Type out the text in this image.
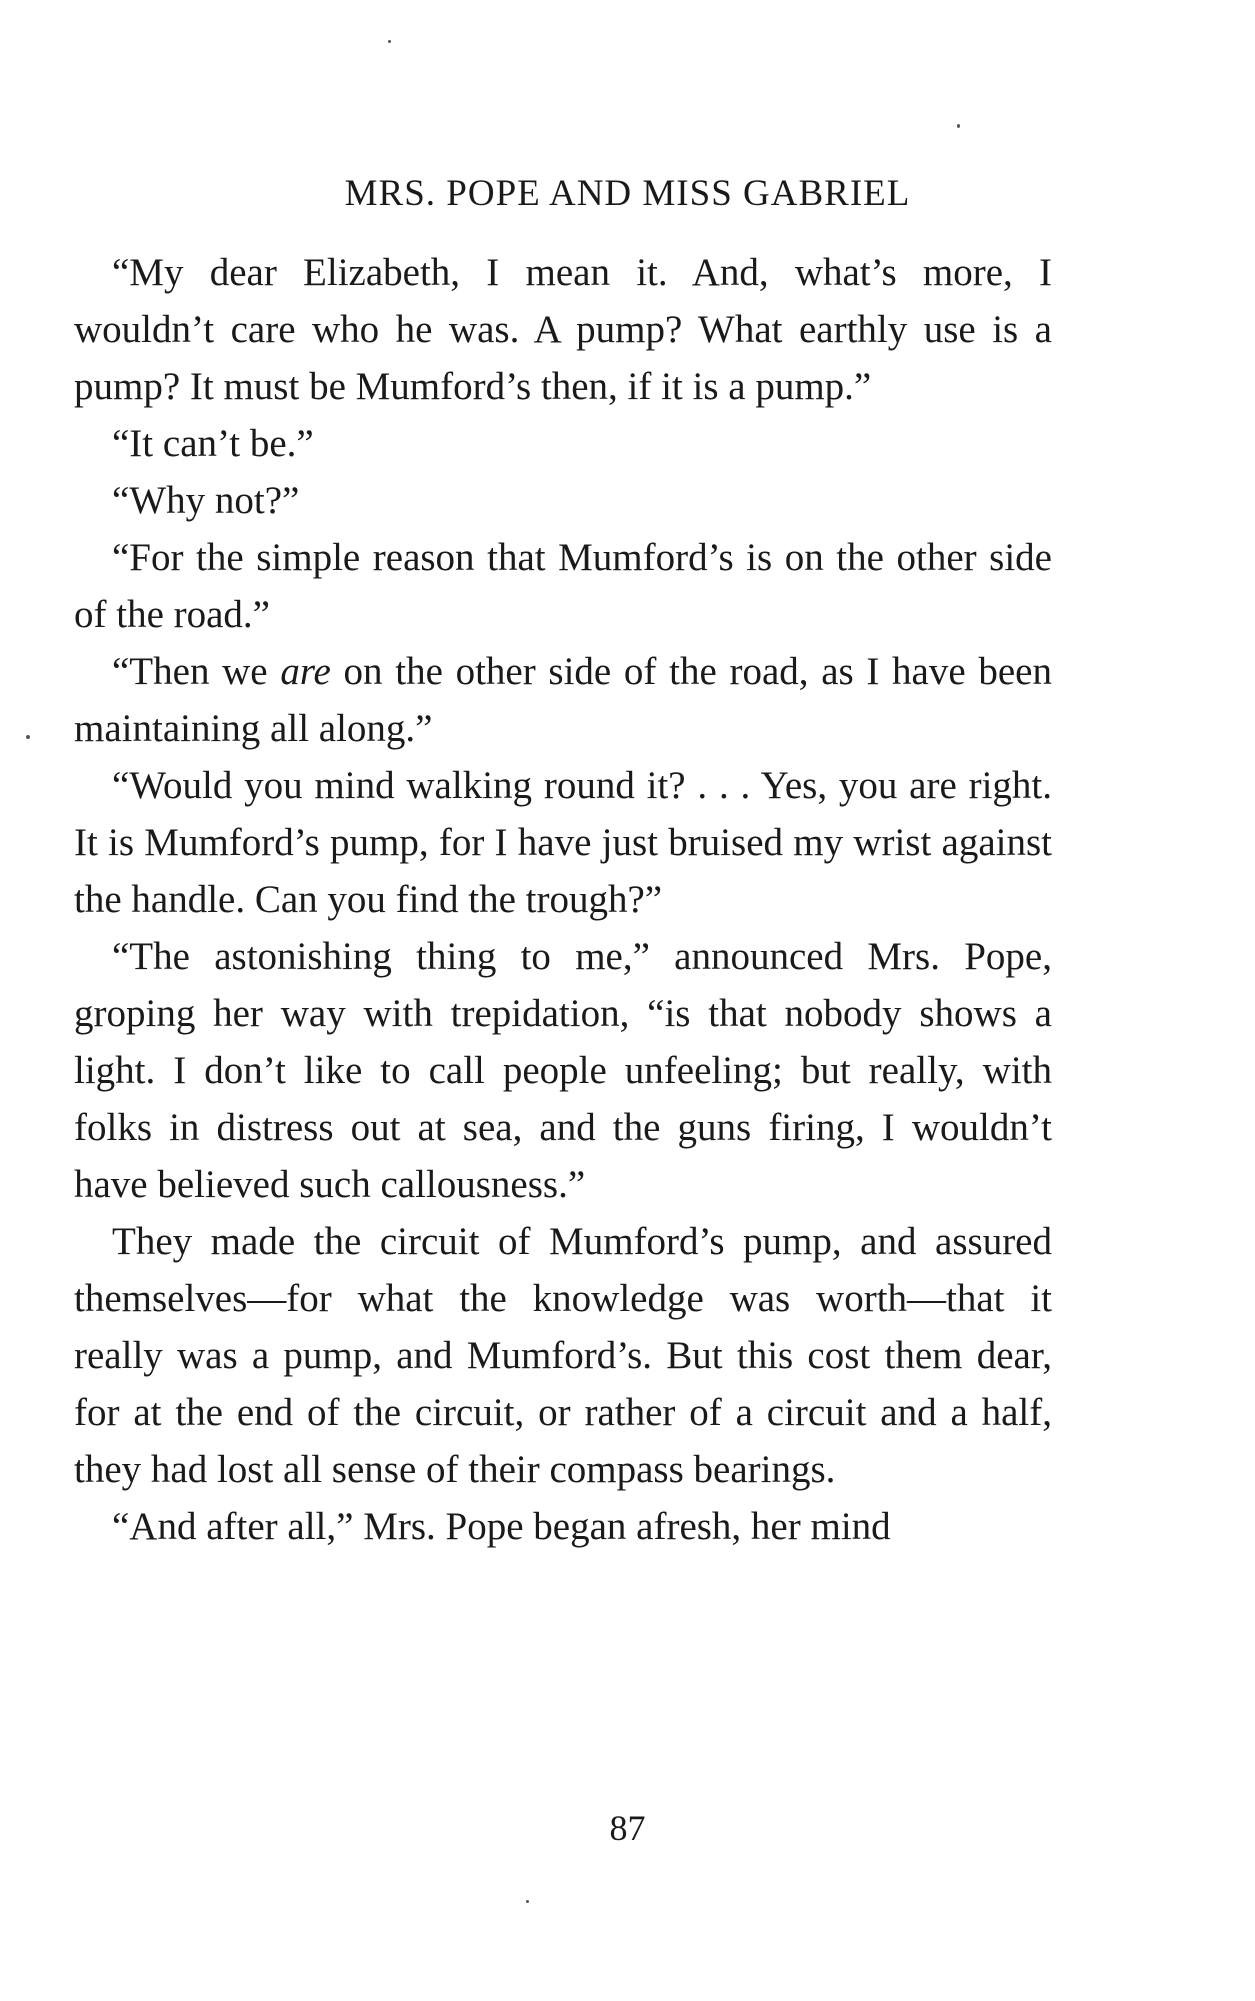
MRS. POPE AND MISS GABRIEL

“My dear Elizabeth, I mean it. And, what’s more, I wouldn’t care who he was. A pump? What earthly use is a pump? It must be Mumford’s then, if it is a pump.”

“It can’t be.”

“Why not?”

“For the simple reason that Mumford’s is on the other side of the road.”

“Then we are on the other side of the road, as I have been maintaining all along.”

“Would you mind walking round it? . . . Yes, you are right. It is Mumford’s pump, for I have just bruised my wrist against the handle. Can you find the trough?”

“The astonishing thing to me,” announced Mrs. Pope, groping her way with trepidation, “is that nobody shows a light. I don’t like to call people unfeeling; but really, with folks in distress out at sea, and the guns firing, I wouldn’t have believed such callousness.”

They made the circuit of Mumford’s pump, and assured themselves—for what the knowledge was worth—that it really was a pump, and Mumford’s. But this cost them dear, for at the end of the circuit, or rather of a circuit and a half, they had lost all sense of their compass bearings.

“And after all,” Mrs. Pope began afresh, her mind

87
